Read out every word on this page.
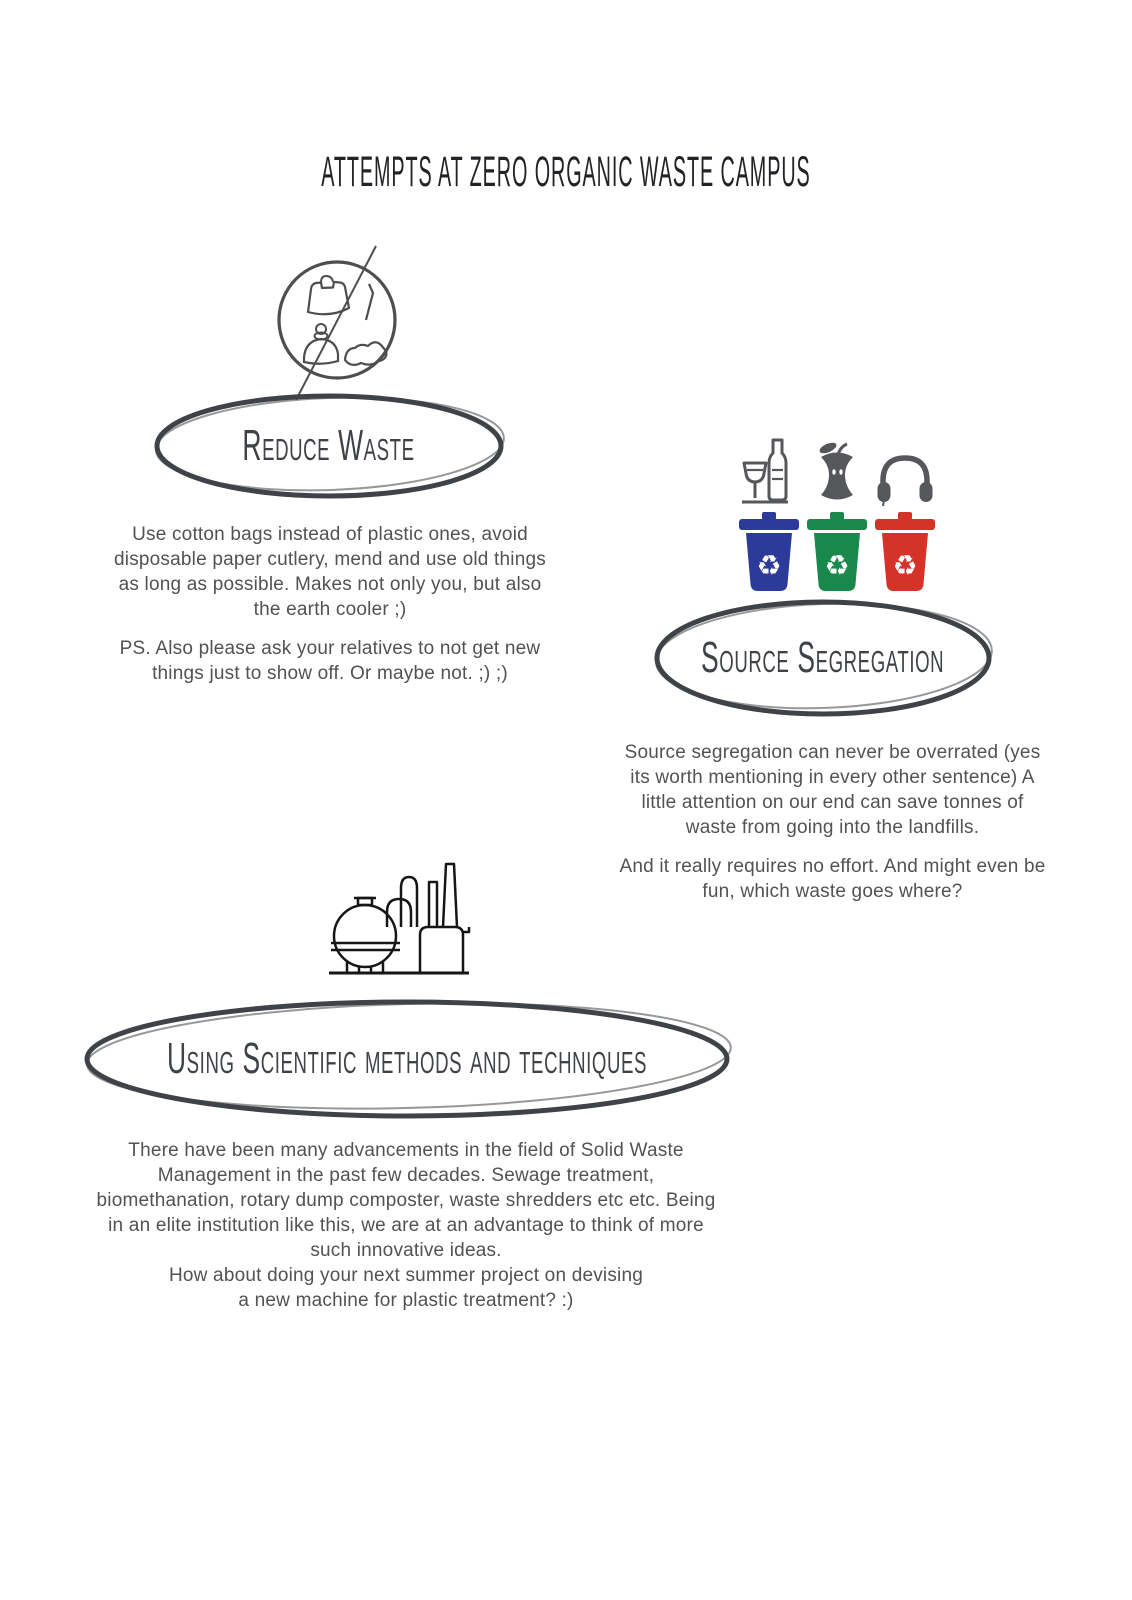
ATTEMPTS AT ZERO ORGANIC WASTE CAMPUS
Reduce Waste

Use cotton bags instead of plastic ones, avoid disposable paper cutlery, mend and use old things as long as possible. Makes not only you, but also the earth cooler ;)

PS. Also please ask your relatives to not get new things just to show off. Or maybe not. ;) ;)

♻ ♻ ♻
Source Segregation

Source segregation can never be overrated (yes its worth mentioning in every other sentence) A little attention on our end can save tonnes of waste from going into the landfills.

And it really requires no effort. And might even be fun, which waste goes where?

Using Scientific methods and techniques

There have been many advancements in the field of Solid Waste Management in the past few decades. Sewage treatment, biomethanation, rotary dump composter, waste shredders etc etc. Being in an elite institution like this, we are at an advantage to think of more such innovative ideas.

How about doing your next summer project on devising

a new machine for plastic treatment? :)
